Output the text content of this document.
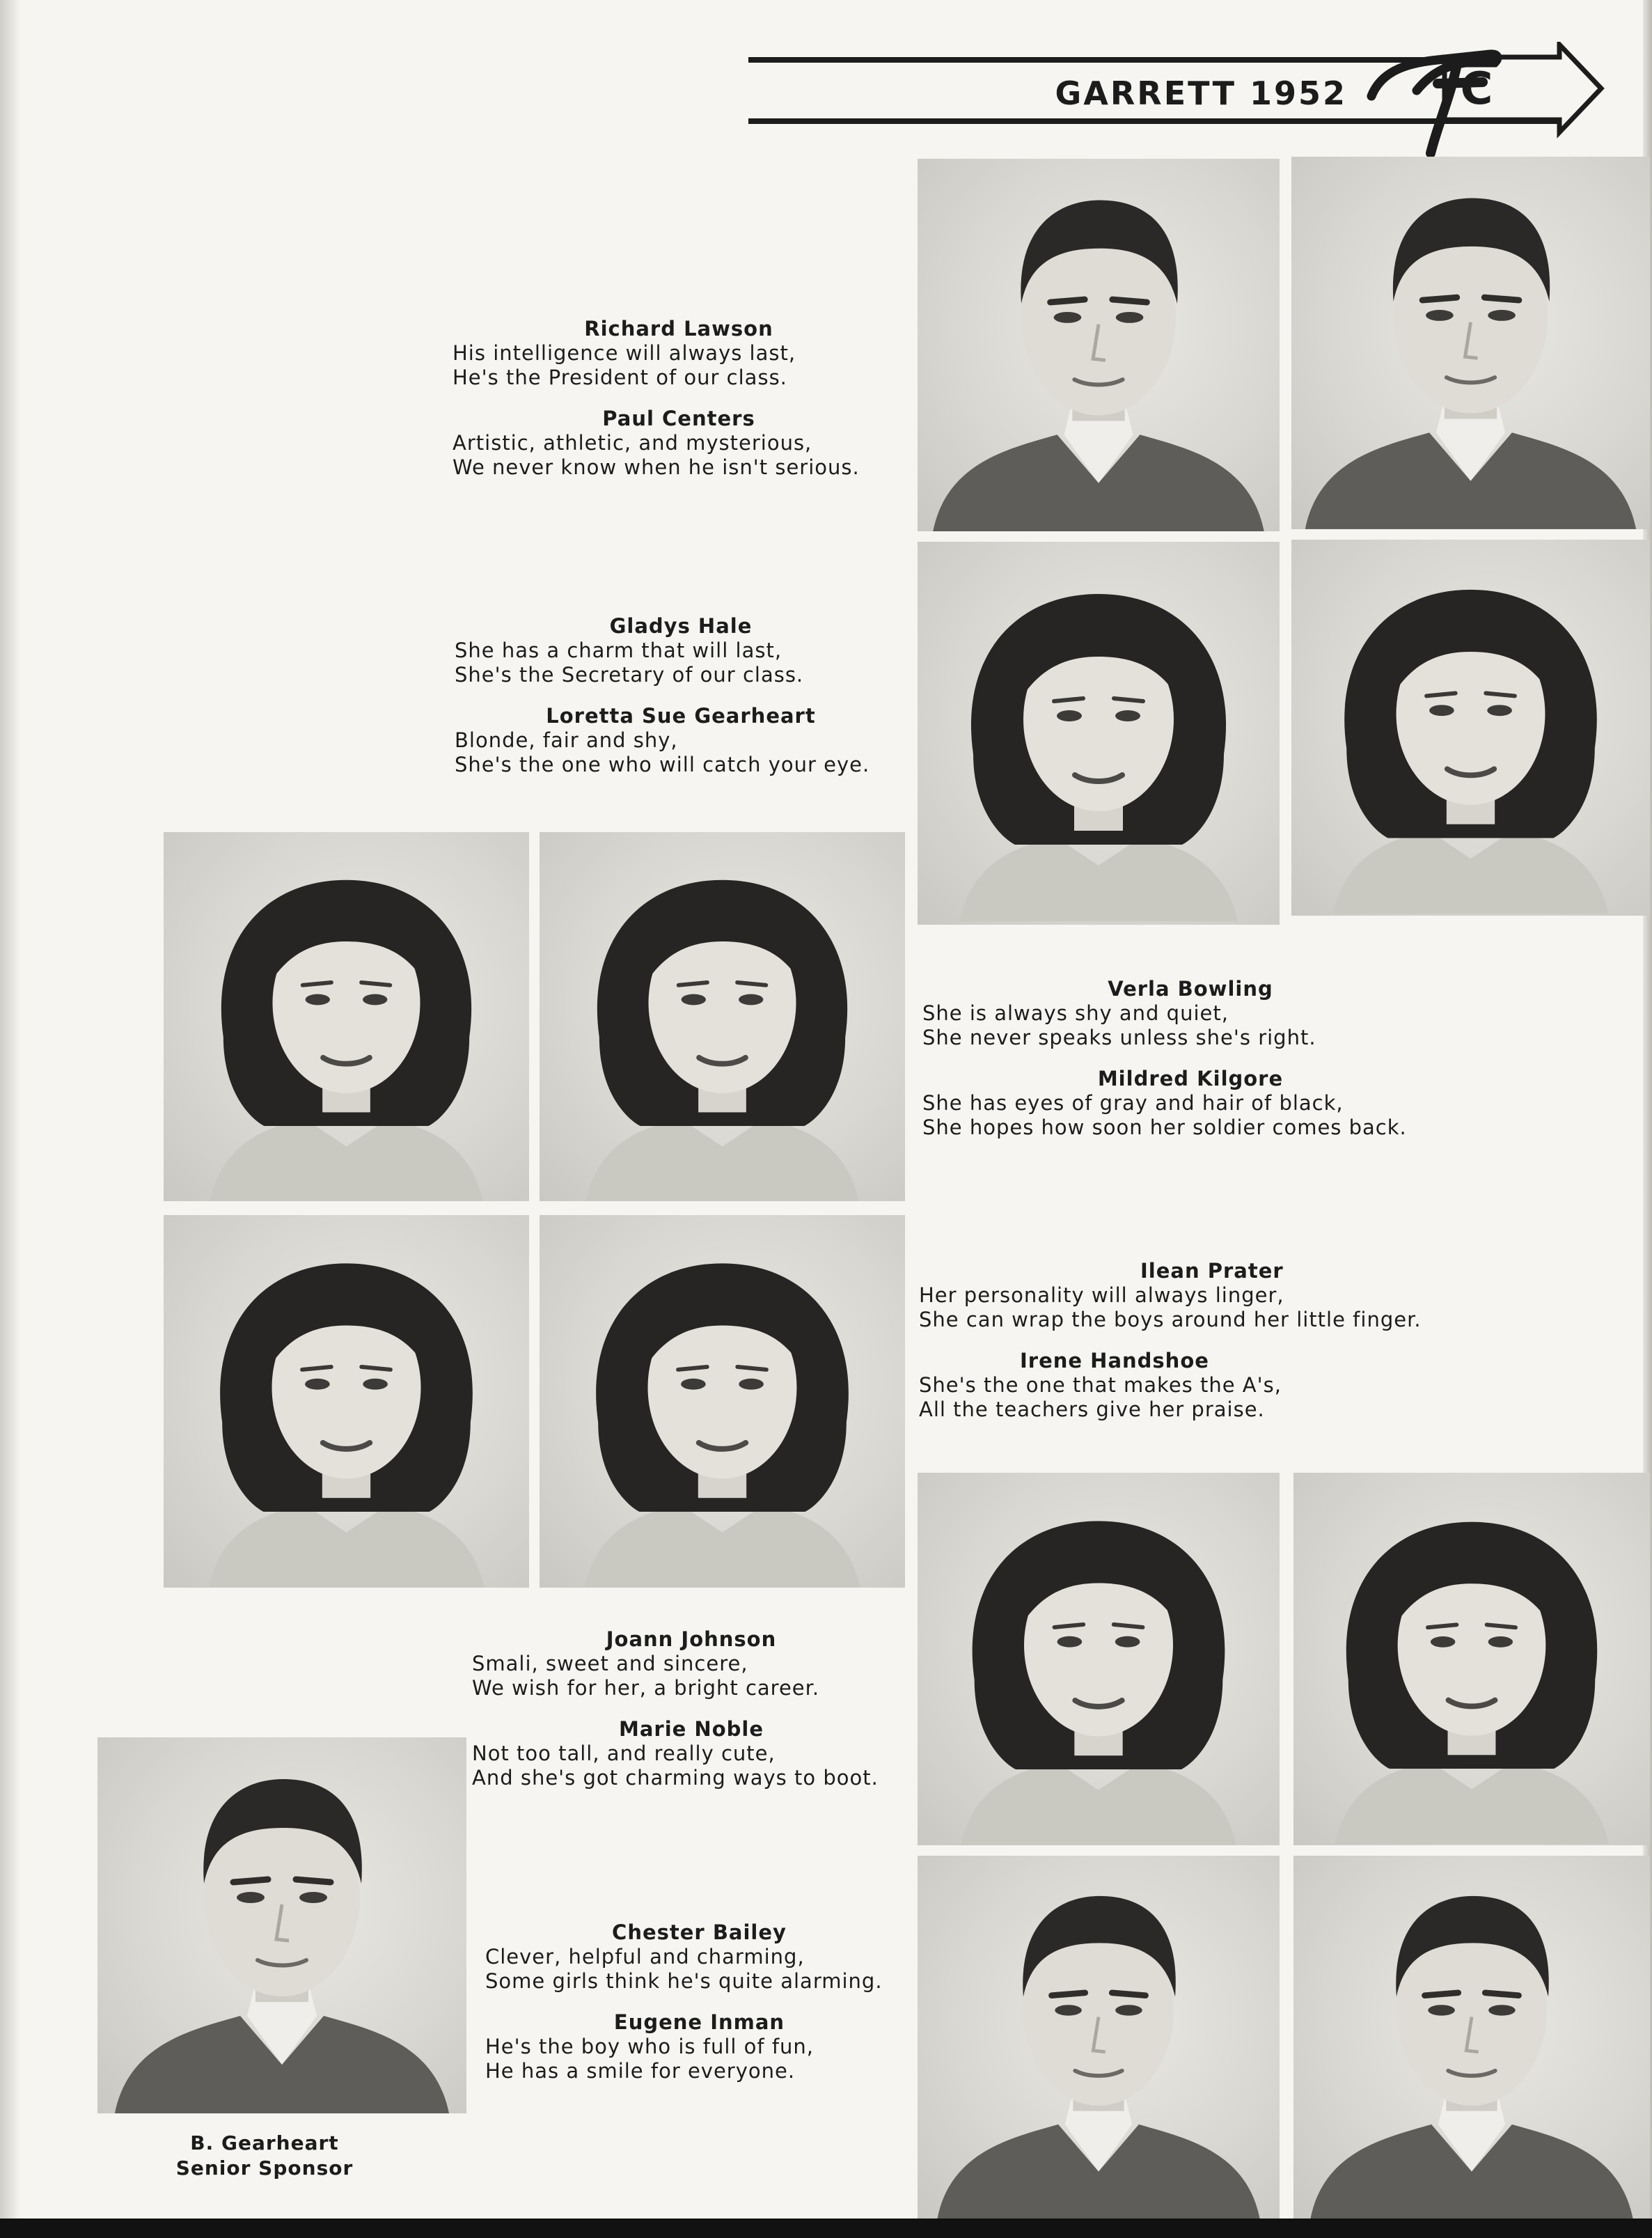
GARRETT 1952	C
Richard Lawson
His intelligence will always last,
He's the President of our class.
Paul Centers
Artistic, athletic, and mysterious,
We never know when he isn't serious.
Gladys Hale
She has a charm that will last,
She's the Secretary of our class.
Loretta Sue Gearheart
Blonde, fair and shy,
She's the one who will catch your eye.
Verla Bowling
She is always shy and quiet,
She never speaks unless she's right.
Mildred Kilgore
She has eyes of gray and hair of black,
She hopes how soon her soldier comes back.
Ilean Prater
Her personality will always linger,
She can wrap the boys around her little finger.
Irene Handshoe
She's the one that makes the A's,
All the teachers give her praise.
Joann Johnson
Smali, sweet and sincere,
We wish for her, a bright career.
Marie Noble
Not too tall, and really cute,
And she's got charming ways to boot.
Chester Bailey
Clever, helpful and charming,
Some girls think he's quite alarming.
Eugene Inman
He's the boy who is full of fun,
He has a smile for everyone.
B. Gearheart
Senior Sponsor
